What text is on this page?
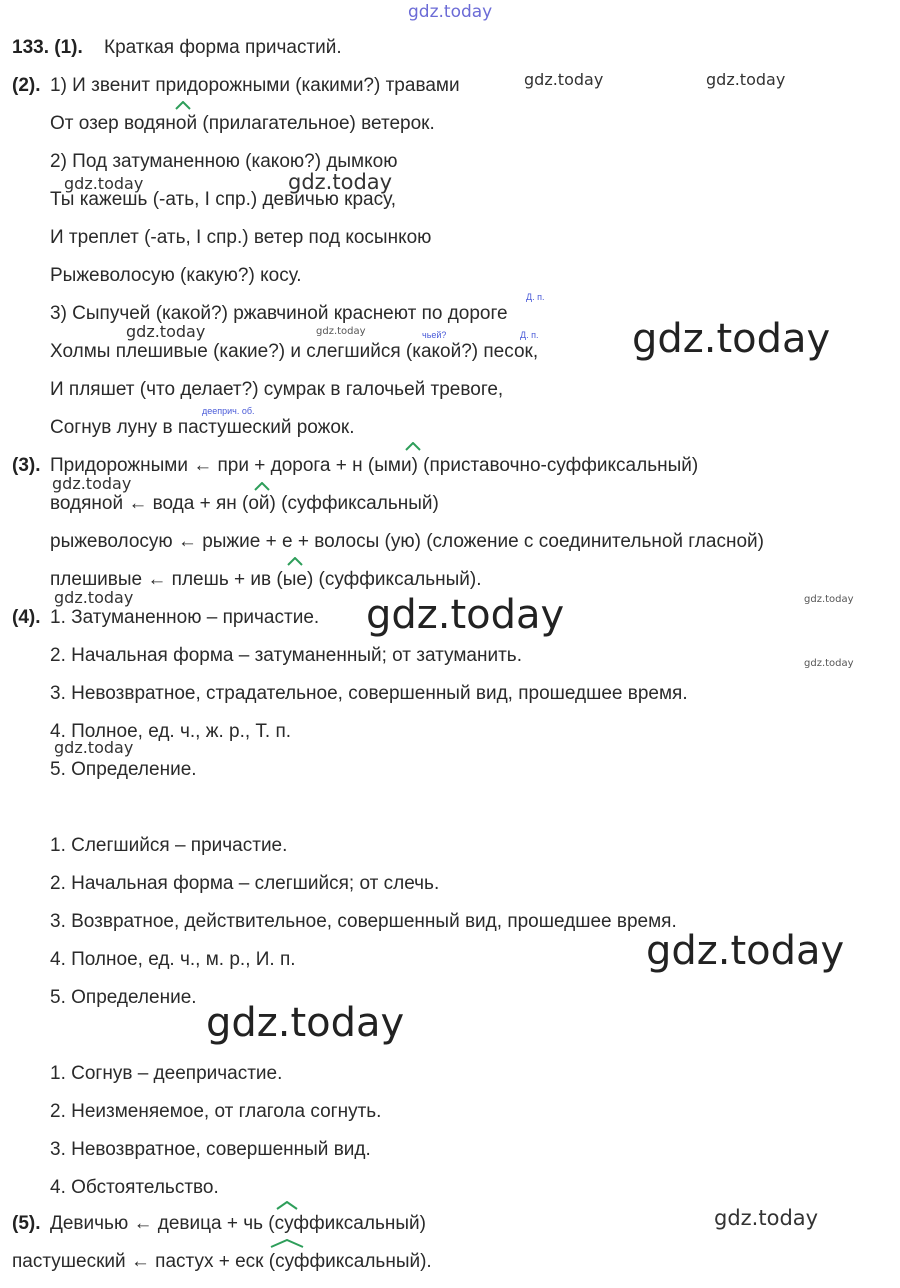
gdz.today
133. (1). Краткая форма причастий.
(2). 1) И звенит придорожными (какими?) травами	gdz.today	gdz.today
От озер водяной (прилагательное) ветерок.
2) Под затуманенною (какою?) дымкою
gdz.today	gdz.today
Ты кажешь (-ать, I спр.) девичью красу,
И треплет (-ать, I спр.) ветер под косынкою
Рыжеволосую (какую?) косу.
Д. п.
3) Сыпучей (какой?) ржавчиной краснеют по дороге
gdz.today	gdz.today	чьей?	Д. п.
Холмы плешивые (какие?) и слегшийся (какой?) песок, gdz.today
И пляшет (что делает?) сумрак в галочьей тревоге,
дееприч. об.
Согнув луну в пастушеский рожок.
(3). Придорожными ← при + дорога + н (ыми) (приставочно-суффиксальный)
gdz.today
водяной ← вода + ян (ой) (суффиксальный)
рыжеволосую ← рыжие + е + волосы (ую) (сложение с соединительной гласной)
плешивые ← плешь + ив (ые) (суффиксальный).
gdz.today	gdz.today
(4). 1. Затуманенною – причастие. gdz.today
2. Начальная форма – затуманенный; от затуманить.	gdz.today
3. Невозвратное, страдательное, совершенный вид, прошедшее время.
4. Полное, ед. ч., ж. р., Т. п.
gdz.today
5. Определение.
1. Слегшийся – причастие.
2. Начальная форма – слегшийся; от слечь.
3. Возвратное, действительное, совершенный вид, прошедшее время.
gdz.today
4. Полное, ед. ч., м. р., И. п.
5. Определение.
gdz.today
1. Согнув – деепричастие.
2. Неизменяемое, от глагола согнуть.
3. Невозвратное, совершенный вид.
4. Обстоятельство.
(5). Девичью ← девица + чь (суффиксальный)	gdz.today
пастушеский ← пастух + еск (суффиксальный).
